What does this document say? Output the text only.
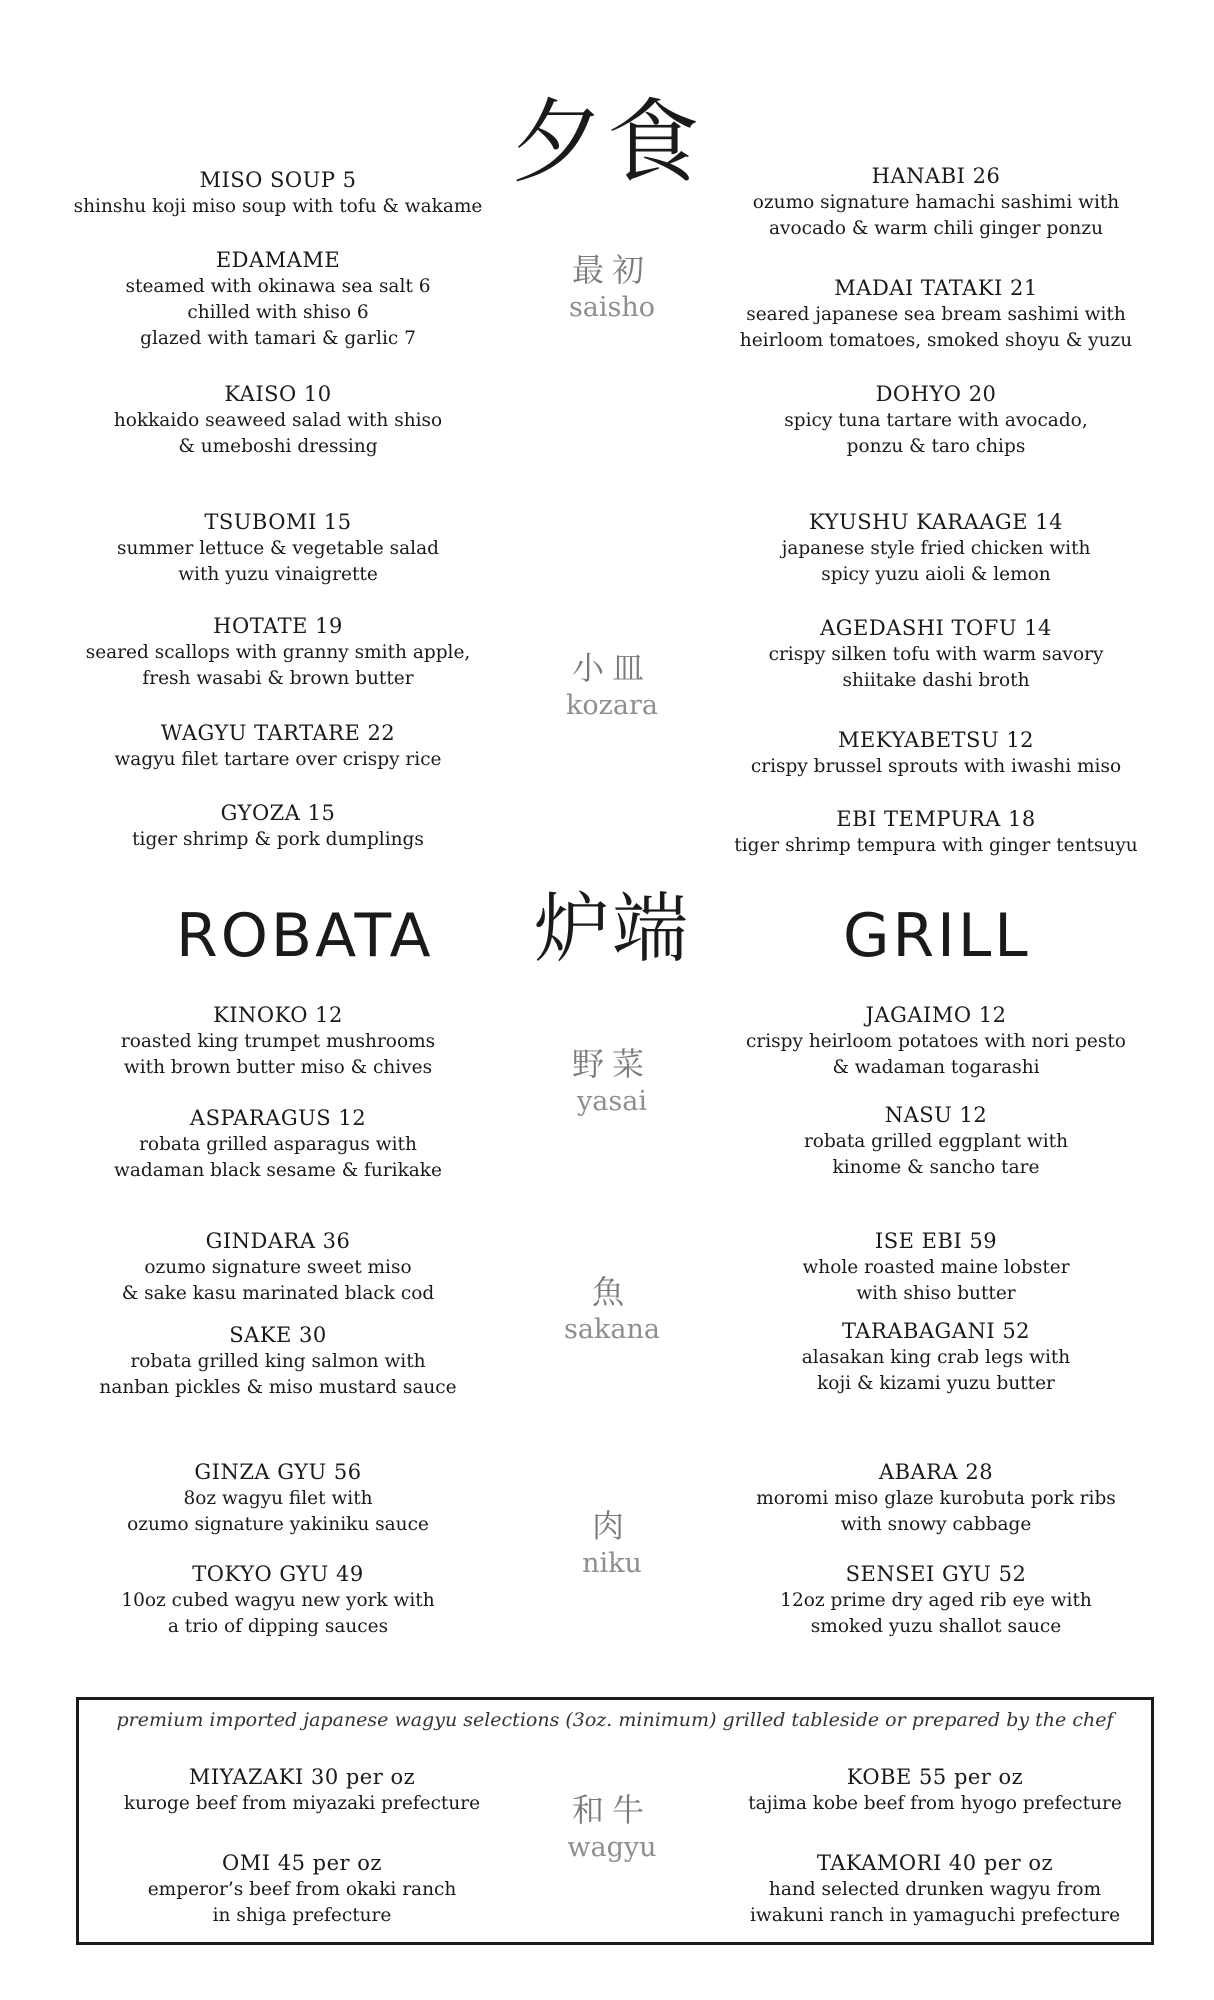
夕食
MISO SOUP 5
shinshu koji miso soup with tofu & wakame
EDAMAME
steamed with okinawa sea salt 6
chilled with shiso 6
glazed with tamari & garlic 7
KAISO 10
hokkaido seaweed salad with shiso
& umeboshi dressing
最初
saisho
HANABI 26
ozumo signature hamachi sashimi with
avocado & warm chili ginger ponzu
MADAI TATAKI 21
seared japanese sea bream sashimi with
heirloom tomatoes, smoked shoyu & yuzu
DOHYO 20
spicy tuna tartare with avocado,
ponzu & taro chips
TSUBOMI 15
summer lettuce & vegetable salad
with yuzu vinaigrette
HOTATE 19
seared scallops with granny smith apple,
fresh wasabi & brown butter
WAGYU TARTARE 22
wagyu filet tartare over crispy rice
GYOZA 15
tiger shrimp & pork dumplings
小皿
kozara
KYUSHU KARAAGE 14
japanese style fried chicken with
spicy yuzu aioli & lemon
AGEDASHI TOFU 14
crispy silken tofu with warm savory
shiitake dashi broth
MEKYABETSU 12
crispy brussel sprouts with iwashi miso
EBI TEMPURA 18
tiger shrimp tempura with ginger tentsuyu
ROBATA	炉端	GRILL
KINOKO 12
roasted king trumpet mushrooms
with brown butter miso & chives
ASPARAGUS 12
robata grilled asparagus with
wadaman black sesame & furikake
野菜
yasai
JAGAIMO 12
crispy heirloom potatoes with nori pesto
& wadaman togarashi
NASU 12
robata grilled eggplant with
kinome & sancho tare
GINDARA 36
ozumo signature sweet miso
& sake kasu marinated black cod
SAKE 30
robata grilled king salmon with
nanban pickles & miso mustard sauce
魚
sakana
ISE EBI 59
whole roasted maine lobster
with shiso butter
TARABAGANI 52
alasakan king crab legs with
koji & kizami yuzu butter
GINZA GYU 56
8oz wagyu filet with
ozumo signature yakiniku sauce
TOKYO GYU 49
10oz cubed wagyu new york with
a trio of dipping sauces
肉
niku
ABARA 28
moromi miso glaze kurobuta pork ribs
with snowy cabbage
SENSEI GYU 52
12oz prime dry aged rib eye with
smoked yuzu shallot sauce
premium imported japanese wagyu selections (3oz. minimum) grilled tableside or prepared by the chef
MIYAZAKI 30 per oz
kuroge beef from miyazaki prefecture
OMI 45 per oz
emperor’s beef from okaki ranch
in shiga prefecture
和牛
wagyu
KOBE 55 per oz
tajima kobe beef from hyogo prefecture
TAKAMORI 40 per oz
hand selected drunken wagyu from
iwakuni ranch in yamaguchi prefecture
